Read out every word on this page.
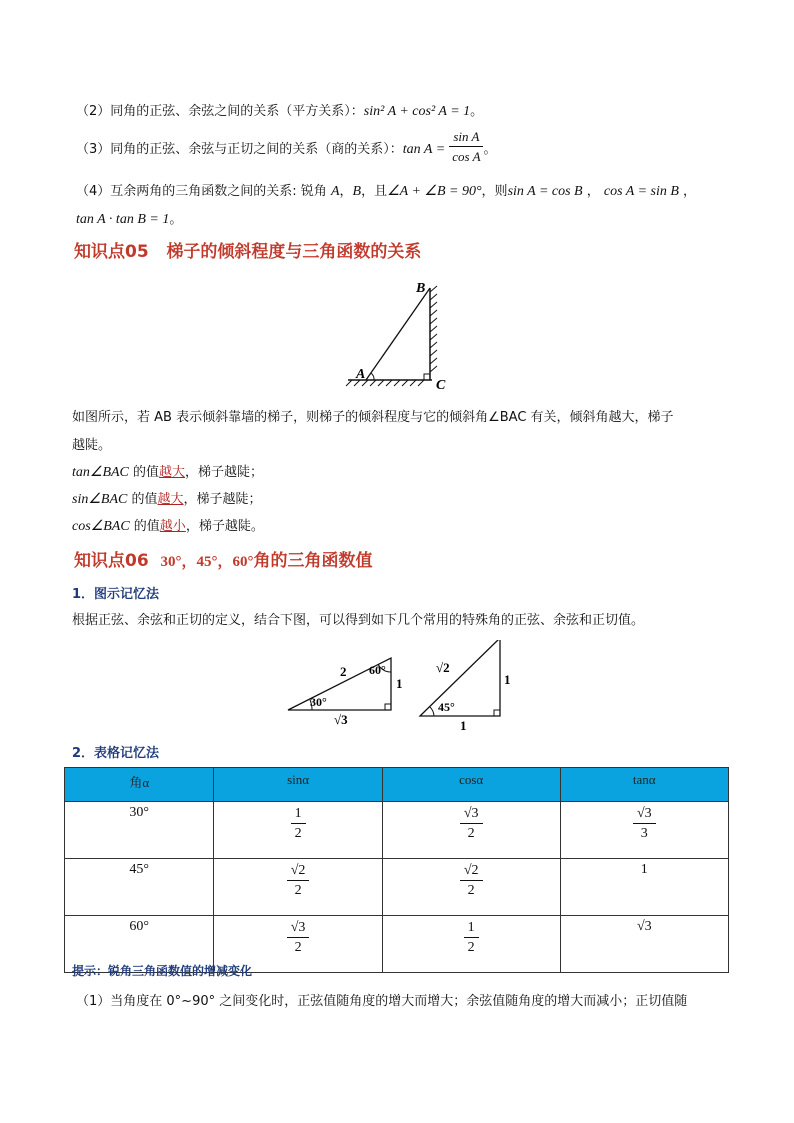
（2）同角的正弦、余弦之间的关系（平方关系）：sin² A + cos² A = 1。
（3）同角的正弦、余弦与正切之间的关系（商的关系）：$\tan A = \frac{\text{sin A}}{\text{cos A}}$ 。
（4）互余两角的三角函数之间的关系: 锐角 A，B，且∠A + ∠B = 90°，则sin A = cos B ， cos A = sin B ，
tan A · tan B = 1。
知识点05 梯子的倾斜程度与三角函数的关系
B
A
C
如图所示，若 AB 表示倾斜靠墙的梯子，则梯子的倾斜程度与它的倾斜角∠BAC 有关，倾斜角越大，梯子
越陡。
tan∠BAC 的值越大，梯子越陡；
sin∠BAC 的值越大，梯子越陡；
cos∠BAC 的值越小，梯子越陡。
知识点06 30°，45°，60°角的三角函数值
1．图示记忆法
根据正弦、余弦和正切的定义，结合下图，可以得到如下几个常用的特殊角的正弦、余弦和正切值。
2 60°
1
30°
√3
√2
1
45°
1
2．表格记忆法
角α	sinα	cosα	tanα
30°	$\frac{1}{2}$	$\frac{√3}{2}$	$\frac{√3}{3}$

45°	$\frac{√2}{2}$	$\frac{√2}{2}$	1
60°	$\frac{√3}{2}$	$\frac{1}{2}$	√3
提示：锐角三角函数值的增减变化
（1）当角度在 0°~90° 之间变化时，正弦值随角度的增大而增大；余弦值随角度的增大而减小；正切值随
